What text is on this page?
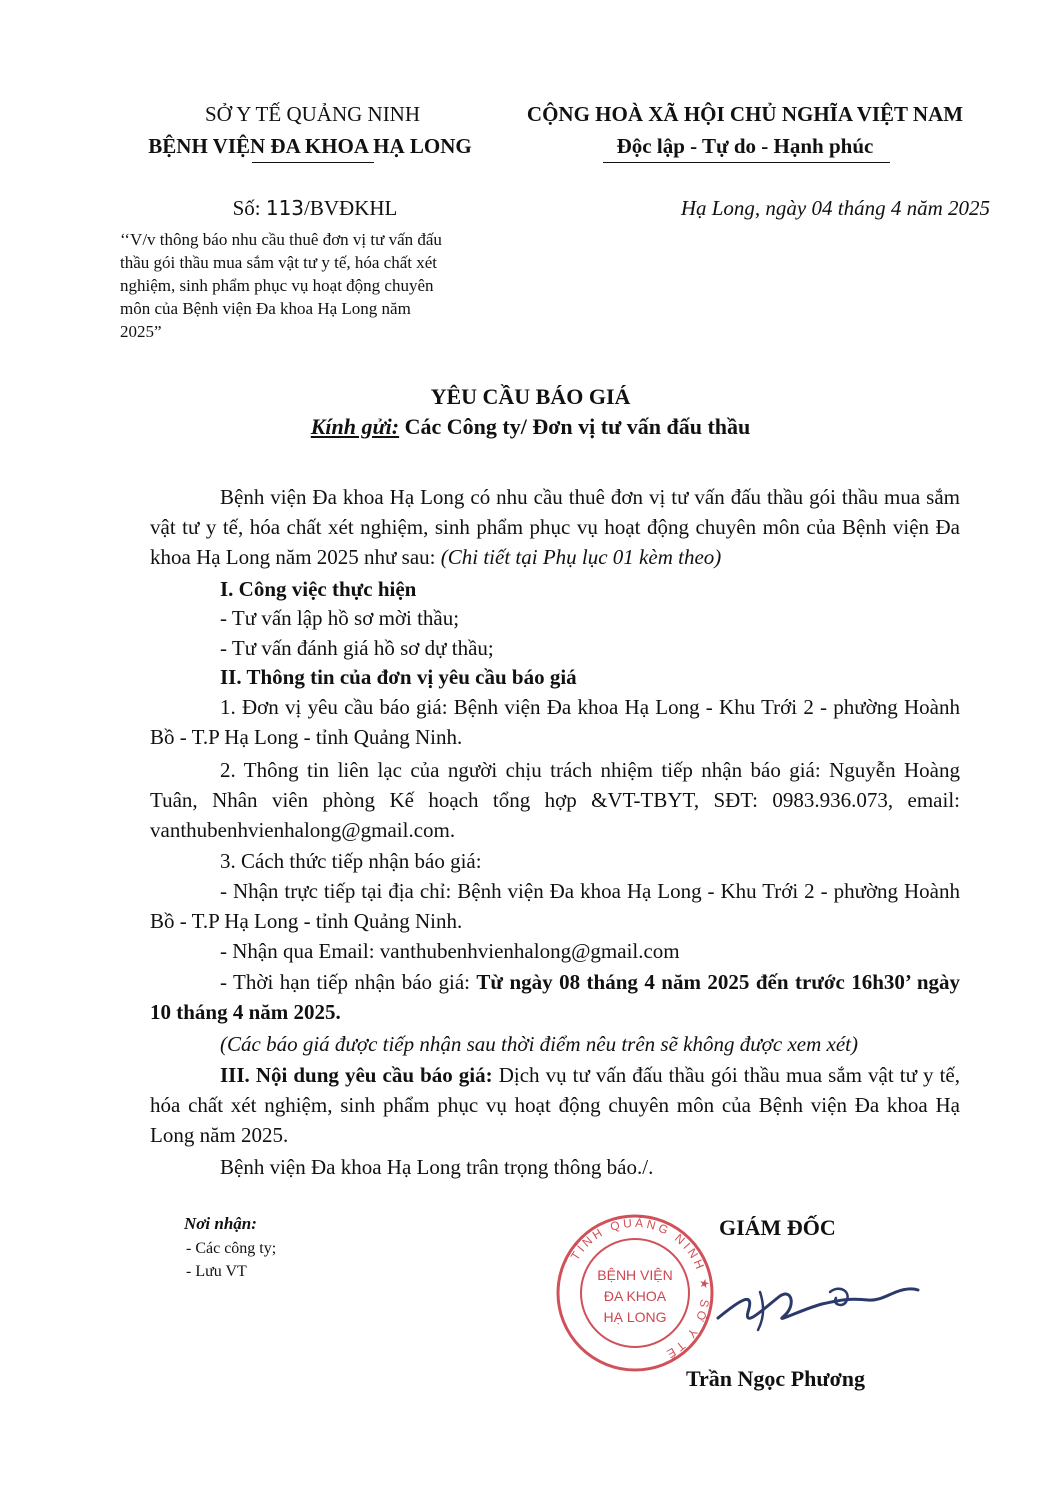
SỞ Y TẾ QUẢNG NINH
BỆNH VIỆN ĐA KHOA HẠ LONG
CỘNG HOÀ XÃ HỘI CHỦ NGHĨA VIỆT NAM
Độc lập - Tự do - Hạnh phúc
Số: 113/BVĐKHL	Hạ Long, ngày 04 tháng 4 năm 2025
‘‘V/v thông báo nhu cầu thuê đơn vị tư vấn đấu
thầu gói thầu mua sắm vật tư y tế, hóa chất xét
nghiệm, sinh phẩm phục vụ hoạt động chuyên
môn của Bệnh viện Đa khoa Hạ Long năm
2025”
YÊU CẦU BÁO GIÁ
Kính gửi: Các Công ty/ Đơn vị tư vấn đấu thầu
Bệnh viện Đa khoa Hạ Long có nhu cầu thuê đơn vị tư vấn đấu thầu gói thầu mua sắm vật tư y tế, hóa chất xét nghiệm, sinh phẩm phục vụ hoạt động chuyên môn của Bệnh viện Đa khoa Hạ Long năm 2025 như sau: (Chi tiết tại Phụ lục 01 kèm theo)
I. Công việc thực hiện
- Tư vấn lập hồ sơ mời thầu;
- Tư vấn đánh giá hồ sơ dự thầu;
II. Thông tin của đơn vị yêu cầu báo giá
1. Đơn vị yêu cầu báo giá: Bệnh viện Đa khoa Hạ Long - Khu Trới 2 - phường Hoành Bồ - T.P Hạ Long - tỉnh Quảng Ninh.
2. Thông tin liên lạc của người chịu trách nhiệm tiếp nhận báo giá: Nguyễn Hoàng Tuân, Nhân viên phòng Kế hoạch tổng hợp &VT-TBYT, SĐT: 0983.936.073, email: vanthubenhvienhalong@gmail.com.
3. Cách thức tiếp nhận báo giá:
- Nhận trực tiếp tại địa chỉ: Bệnh viện Đa khoa Hạ Long - Khu Trới 2 - phường Hoành Bồ - T.P Hạ Long - tỉnh Quảng Ninh.
- Nhận qua Email: vanthubenhvienhalong@gmail.com
- Thời hạn tiếp nhận báo giá: Từ ngày 08 tháng 4 năm 2025 đến trước 16h30’ ngày 10 tháng 4 năm 2025.
(Các báo giá được tiếp nhận sau thời điểm nêu trên sẽ không được xem xét)
III. Nội dung yêu cầu báo giá: Dịch vụ tư vấn đấu thầu gói thầu mua sắm vật tư y tế, hóa chất xét nghiệm, sinh phẩm phục vụ hoạt động chuyên môn của Bệnh viện Đa khoa Hạ Long năm 2025.
Bệnh viện Đa khoa Hạ Long trân trọng thông báo./.
Nơi nhận:
- Các công ty;
- Lưu VT
GIÁM ĐỐC
TỈNH QUẢNG NINH ★ SỞ Y TẾ
BỆNH VIỆN
ĐA KHOA
HẠ LONG
Trần Ngọc Phương
